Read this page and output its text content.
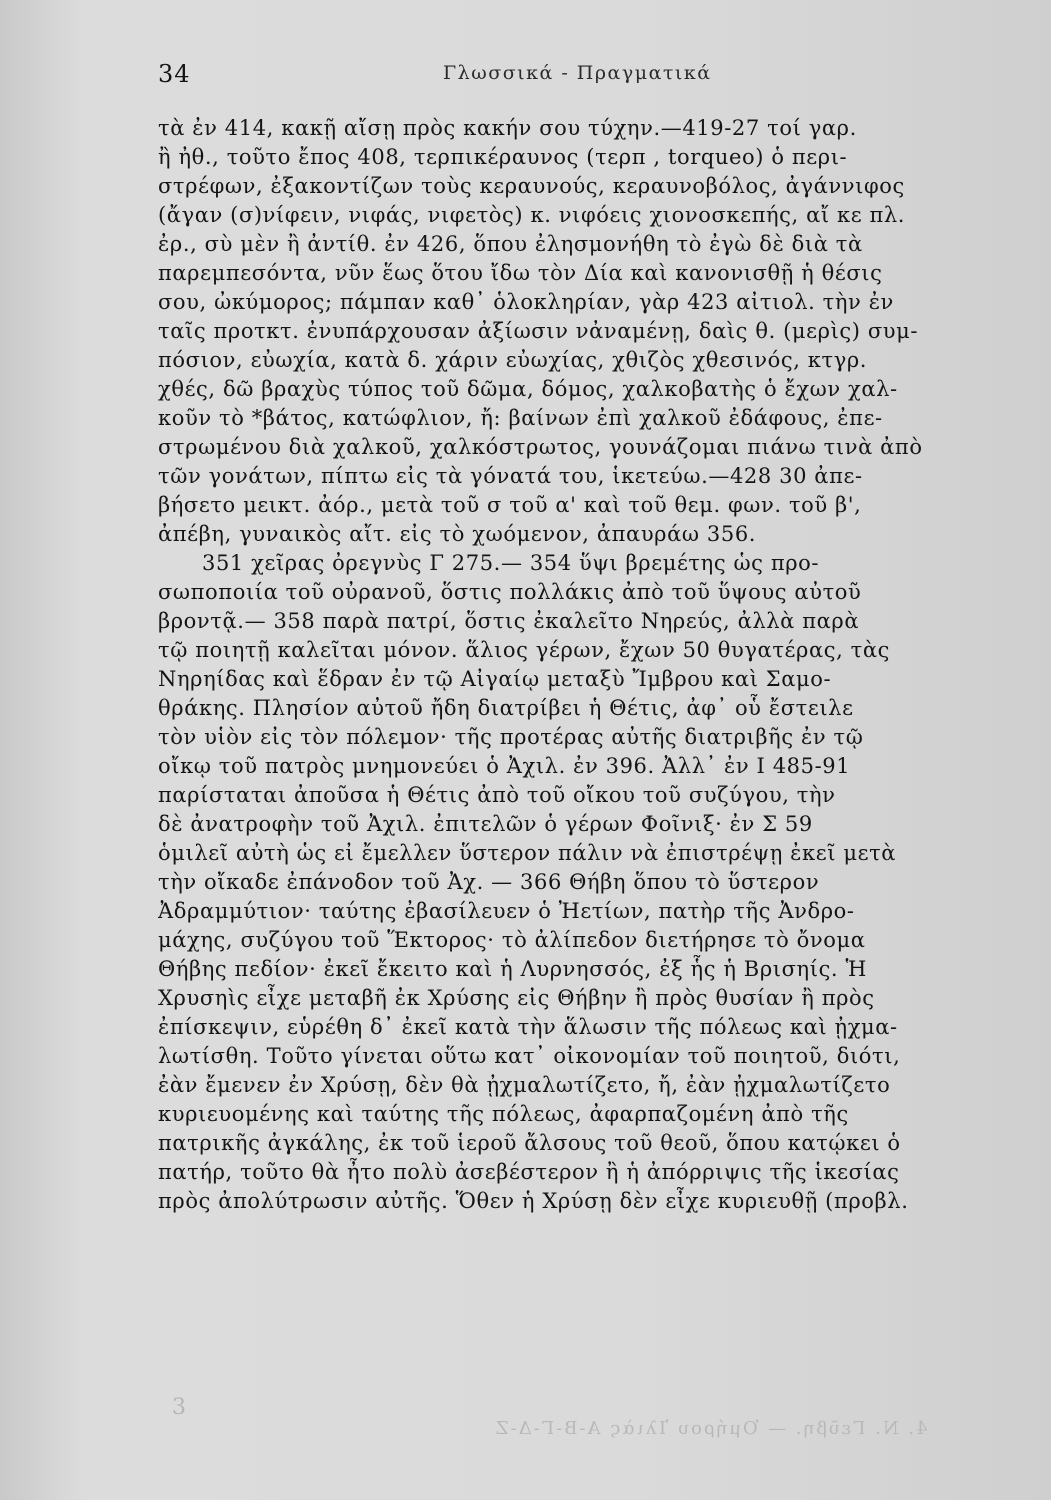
34	Γλωσσικά - Πραγματικά
τὰ ἐν 414, κακῇ αἴσῃ πρὸς κακήν σου τύχην.—419-27 τοί γαρ.
ἢ ἠθ., τοῦτο ἔπος 408, τερπικέραυνος (τερπ , torqueo) ὁ περι-
στρέφων, ἐξακοντίζων τοὺς κεραυνούς, κεραυνοβόλος, ἀγάννιφος
(ἄγαν (σ)νίφειν, νιφάς, νιφετὸς) κ. νιφόεις χιονοσκεπής, αἴ κε πλ.
ἐρ., σὺ μὲν ἢ ἀντίθ. ἐν 426, ὅπου ἐλησμονήθη τὸ ἐγὼ δὲ διὰ τὰ
παρεμπεσόντα, νῦν ἕως ὅτου ἴδω τὸν Δία καὶ κανονισθῇ ἡ θέσις
σου, ὠκύμορος; πάμπαν καθ᾽ ὁλοκληρίαν, γὰρ 423 αἰτιολ. τὴν ἐν
ταῖς προτκτ. ἐνυπάρχουσαν ἀξίωσιν νἀναμένῃ, δαὶς θ. (μερὶς) συμ-
πόσιον, εὐωχία, κατὰ δ. χάριν εὐωχίας, χθιζὸς χθεσινός, κτγρ.
χθές, δῶ βραχὺς τύπος τοῦ δῶμα, δόμος, χαλκοβατὴς ὁ ἔχων χαλ-
κοῦν τὸ *βάτος, κατώφλιον, ἤ: βαίνων ἐπὶ χαλκοῦ ἐδάφους, ἐπε-
στρωμένου διὰ χαλκοῦ, χαλκόστρωτος, γουνάζομαι πιάνω τινὰ ἀπὸ
τῶν γονάτων, πίπτω εἰς τὰ γόνατά του, ἱκετεύω.—428 30 ἀπε-
βήσετο μεικτ. ἀόρ., μετὰ τοῦ σ τοῦ α' καὶ τοῦ θεμ. φων. τοῦ β',
ἀπέβη, γυναικὸς αἴτ. εἰς τὸ χωόμενον, ἀπαυράω 356.
351 χεῖρας ὀρεγνὺς Γ 275.— 354 ὕψι βρεμέτης ὡς προ-
σωποποιία τοῦ οὐρανοῦ, ὅστις πολλάκις ἀπὸ τοῦ ὕψους αὐτοῦ
βροντᾷ.— 358 παρὰ πατρί, ὅστις ἐκαλεῖτο Νηρεύς, ἀλλὰ παρὰ
τῷ ποιητῇ καλεῖται μόνον. ἅλιος γέρων, ἔχων 50 θυγατέρας, τὰς
Νηρηίδας καὶ ἕδραν ἐν τῷ Αἰγαίῳ μεταξὺ Ἴμβρου καὶ Σαμο-
θράκης. Πλησίον αὐτοῦ ἤδη διατρίβει ἡ Θέτις, ἀφ᾽ οὗ ἔστειλε
τὸν υἱὸν εἰς τὸν πόλεμον· τῆς προτέρας αὐτῆς διατριβῆς ἐν τῷ
οἴκῳ τοῦ πατρὸς μνημονεύει ὁ Ἀχιλ. ἐν 396. Ἀλλ᾽ ἐν Ι 485-91
παρίσταται ἀποῦσα ἡ Θέτις ἀπὸ τοῦ οἴκου τοῦ συζύγου, τὴν
δὲ ἀνατροφὴν τοῦ Ἀχιλ. ἐπιτελῶν ὁ γέρων Φοῖνιξ· ἐν Σ 59
ὁμιλεῖ αὐτὴ ὡς εἰ ἔμελλεν ὕστερον πάλιν νὰ ἐπιστρέψῃ ἐκεῖ μετὰ
τὴν οἴκαδε ἐπάνοδον τοῦ Ἀχ. — 366 Θήβη ὅπου τὸ ὕστερον
Ἀδραμμύτιον· ταύτης ἐβασίλευεν ὁ Ἠετίων, πατὴρ τῆς Ἀνδρο-
μάχης, συζύγου τοῦ Ἕκτορος· τὸ ἀλίπεδον διετήρησε τὸ ὄνομα
Θήβης πεδίον· ἐκεῖ ἔκειτο καὶ ἡ Λυρνησσός, ἐξ ἧς ἡ Βρισηίς. Ἡ
Χρυσηὶς εἶχε μεταβῆ ἐκ Χρύσης εἰς Θήβην ἢ πρὸς θυσίαν ἢ πρὸς
ἐπίσκεψιν, εὑρέθη δ᾽ ἐκεῖ κατὰ τὴν ἅλωσιν τῆς πόλεως καὶ ᾐχμα-
λωτίσθη. Τοῦτο γίνεται οὕτω κατ᾽ οἰκονομίαν τοῦ ποιητοῦ, διότι,
ἐὰν ἔμενεν ἐν Χρύσῃ, δὲν θὰ ᾐχμαλωτίζετο, ἤ, ἐὰν ᾐχμαλωτίζετο
κυριευομένης καὶ ταύτης τῆς πόλεως, ἀφαρπαζομένη ἀπὸ τῆς
πατρικῆς ἀγκάλης, ἐκ τοῦ ἱεροῦ ἄλσους τοῦ θεοῦ, ὅπου κατῴκει ὁ
πατήρ, τοῦτο θὰ ἦτο πολὺ ἀσεβέστερον ἢ ἡ ἀπόρριψις τῆς ἱκεσίας
πρὸς ἀπολύτρωσιν αὐτῆς. Ὅθεν ἡ Χρύσῃ δὲν εἶχε κυριευθῇ (προβλ.
3
4. Ν. Γεῦβη. — Ὁμήρου Ἰλιὰς Α-Β-Γ-Δ-Ζ
